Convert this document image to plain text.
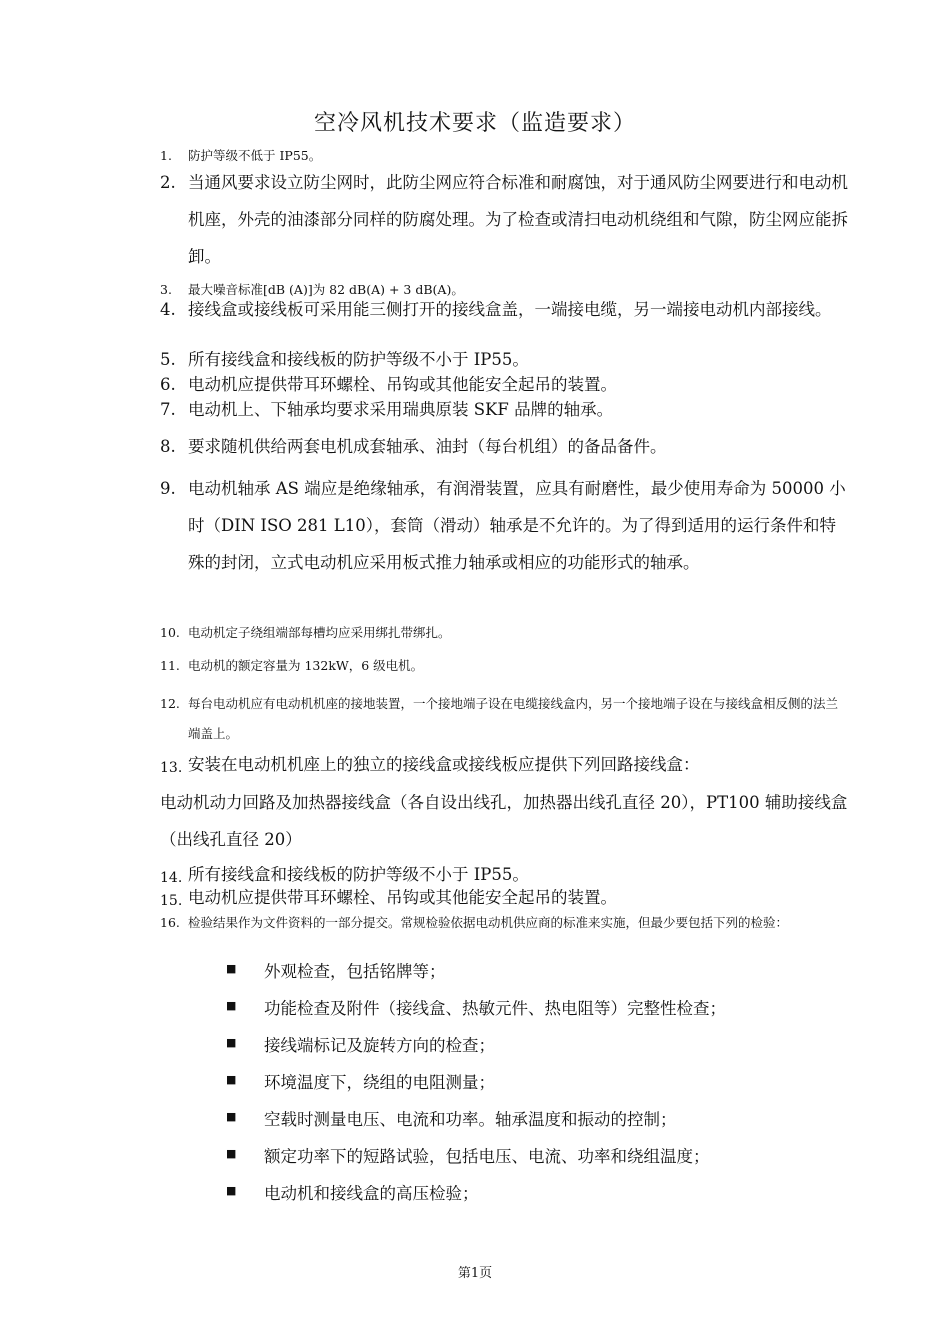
空冷风机技术要求（监造要求）
1. 防护等级不低于 IP55。
2. 当通风要求设立防尘网时，此防尘网应符合标准和耐腐蚀，对于通风防尘网要进行和电动机机座，外壳的油漆部分同样的防腐处理。为了检查或清扫电动机绕组和气隙，防尘网应能拆卸。
3. 最大噪音标准[dB (A)]为 82 dB(A) + 3 dB(A)。
4. 接线盒或接线板可采用能三侧打开的接线盒盖，一端接电缆，另一端接电动机内部接线。
5. 所有接线盒和接线板的防护等级不小于 IP55。
6. 电动机应提供带耳环螺栓、吊钩或其他能安全起吊的装置。
7. 电动机上、下轴承均要求采用瑞典原装 SKF 品牌的轴承。
8. 要求随机供给两套电机成套轴承、油封（每台机组）的备品备件。
9. 电动机轴承 AS 端应是绝缘轴承，有润滑装置，应具有耐磨性，最少使用寿命为 50000 小时（DIN ISO 281 L10），套筒（滑动）轴承是不允许的。为了得到适用的运行条件和特殊的封闭，立式电动机应采用板式推力轴承或相应的功能形式的轴承。
10. 电动机定子绕组端部每槽均应采用绑扎带绑扎。
11. 电动机的额定容量为 132kW，6 级电机。
12. 每台电动机应有电动机机座的接地装置，一个接地端子设在电缆接线盒内，另一个接地端子设在与接线盒相反侧的法兰端盖上。
13. 安装在电动机机座上的独立的接线盒或接线板应提供下列回路接线盒：
电动机动力回路及加热器接线盒（各自设出线孔，加热器出线孔直径 20），PT100 辅助接线盒（出线孔直径 20）
14. 所有接线盒和接线板的防护等级不小于 IP55。
15. 电动机应提供带耳环螺栓、吊钩或其他能安全起吊的装置。
16. 检验结果作为文件资料的一部分提交。常规检验依据电动机供应商的标准来实施，但最少要包括下列的检验：
■ 外观检查，包括铭牌等；
■ 功能检查及附件（接线盒、热敏元件、热电阻等）完整性检查；
■ 接线端标记及旋转方向的检查；
■ 环境温度下，绕组的电阻测量；
■ 空载时测量电压、电流和功率。轴承温度和振动的控制；
■ 额定功率下的短路试验，包括电压、电流、功率和绕组温度；
■ 电动机和接线盒的高压检验；
第1页
